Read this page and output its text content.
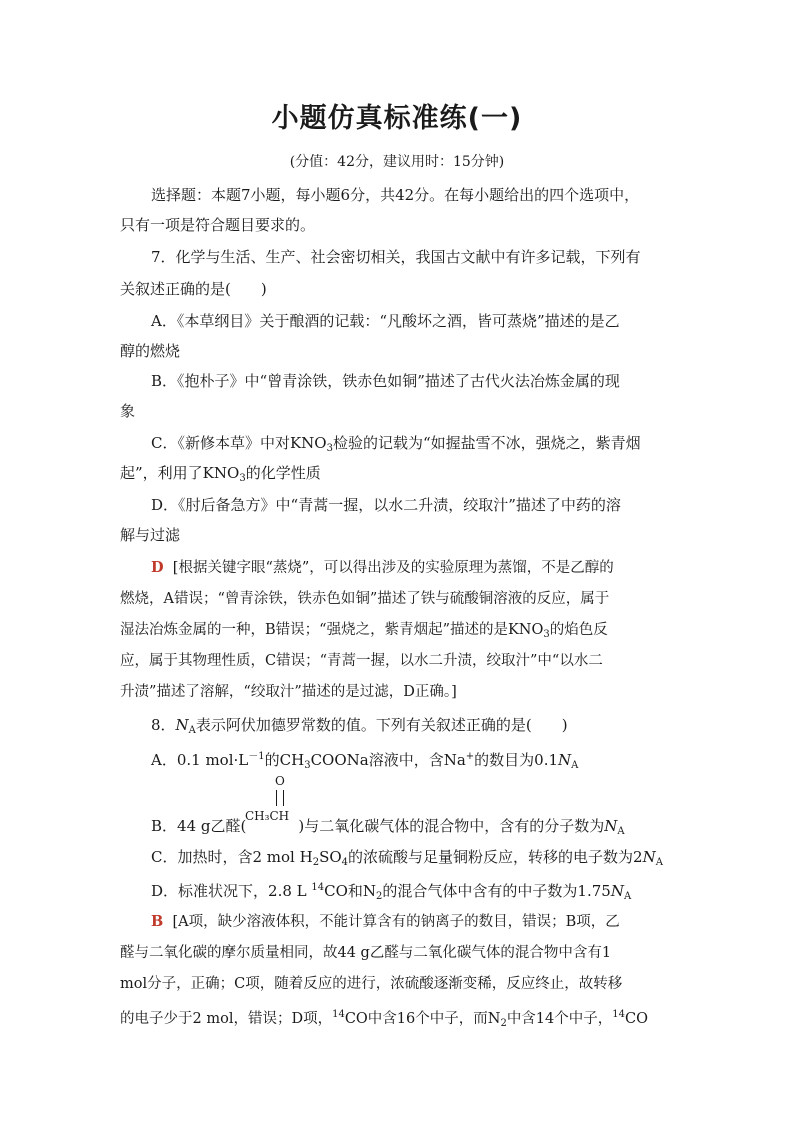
小题仿真标准练(一)
(分值：42分，建议用时：15分钟)
选择题：本题7小题，每小题6分，共42分。在每小题给出的四个选项中，
只有一项是符合题目要求的。
7．化学与生活、生产、社会密切相关，我国古文献中有许多记载，下列有
关叙述正确的是(　　)
A．《本草纲目》关于酿酒的记载：“凡酸坏之酒，皆可蒸烧”描述的是乙
醇的燃烧
B．《抱朴子》中“曾青涂铁，铁赤色如铜”描述了古代火法冶炼金属的现
象
C．《新修本草》中对$KNO_3$检验的记载为“如握盐雪不冰，强烧之，紫青烟
起”，利用了$KNO_3$的化学性质
D．《肘后备急方》中“青蒿一握，以水二升渍，绞取汁”描述了中药的溶
解与过滤
D [根据关键字眼“蒸烧”，可以得出涉及的实验原理为蒸馏，不是乙醇的
燃烧，A错误；“曾青涂铁，铁赤色如铜”描述了铁与硫酸铜溶液的反应，属于
湿法冶炼金属的一种，B错误；“强烧之，紫青烟起”描述的是$KNO_3$的焰色反
应，属于其物理性质，C错误；“青蒿一握，以水二升渍，绞取汁”中“以水二
升渍”描述了溶解，“绞取汁”描述的是过滤，D正确。]
8．$N_A$表示阿伏加德罗常数的值。下列有关叙述正确的是(　　)
A．0.1 $mol\cdot L^{-1}$的$CH_3COONa$溶液中，含Na+的数目为$0.1N_A$
O
CH₃CH
B．44 g乙醛(	)与二氧化碳气体的混合物中，含有的分子数为$N_A$
C．加热时，含2 mol $H_2SO_4$的浓硫酸与足量铜粉反应，转移的电子数为$2N_A$
D．标准状况下，2.8 L $^{14}$CO和$N_2$的混合气体中含有的中子数为$1.75N_A$
B [A项，缺少溶液体积，不能计算含有的钠离子的数目，错误；B项，乙
醛与二氧化碳的摩尔质量相同，故44 g乙醛与二氧化碳气体的混合物中含有1
mol分子，正确；C项，随着反应的进行，浓硫酸逐渐变稀，反应终止，故转移
的电子少于2 mol，错误；D项，$^{14}$CO中含16个中子，而$N_2$中含14个中子，$^{14}$CO
